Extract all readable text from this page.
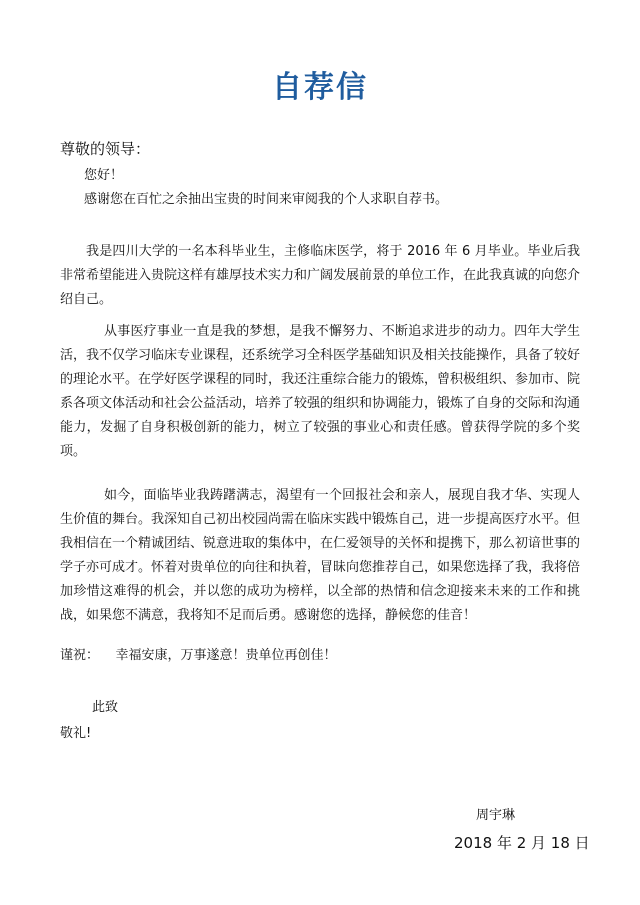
自荐信
尊敬的领导：
您好！
感谢您在百忙之余抽出宝贵的时间来审阅我的个人求职自荐书。
我是四川大学的一名本科毕业生，主修临床医学，将于 2016 年 6 月毕业。毕业后我非常希望能进入贵院这样有雄厚技术实力和广阔发展前景的单位工作，在此我真诚的向您介绍自己。
从事医疗事业一直是我的梦想，是我不懈努力、不断追求进步的动力。四年大学生活，我不仅学习临床专业课程，还系统学习全科医学基础知识及相关技能操作，具备了较好的理论水平。在学好医学课程的同时，我还注重综合能力的锻炼，曾积极组织、参加市、院系各项文体活动和社会公益活动，培养了较强的组织和协调能力，锻炼了自身的交际和沟通能力，发掘了自身积极创新的能力，树立了较强的事业心和责任感。曾获得学院的多个奖项。
如今，面临毕业我踌躇满志，渴望有一个回报社会和亲人，展现自我才华、实现人生价值的舞台。我深知自己初出校园尚需在临床实践中锻炼自己，进一步提高医疗水平。但我相信在一个精诚团结、锐意进取的集体中，在仁爱领导的关怀和提携下，那么初谙世事的学子亦可成才。怀着对贵单位的向往和执着，冒昧向您推荐自己，如果您选择了我，我将倍加珍惜这难得的机会，并以您的成功为榜样，以全部的热情和信念迎接来未来的工作和挑战，如果您不满意，我将知不足而后勇。感谢您的选择，静候您的佳音！
谨祝：    幸福安康，万事遂意！贵单位再创佳！
此致
敬礼!
周宇琳
2018 年 2 月 18 日
